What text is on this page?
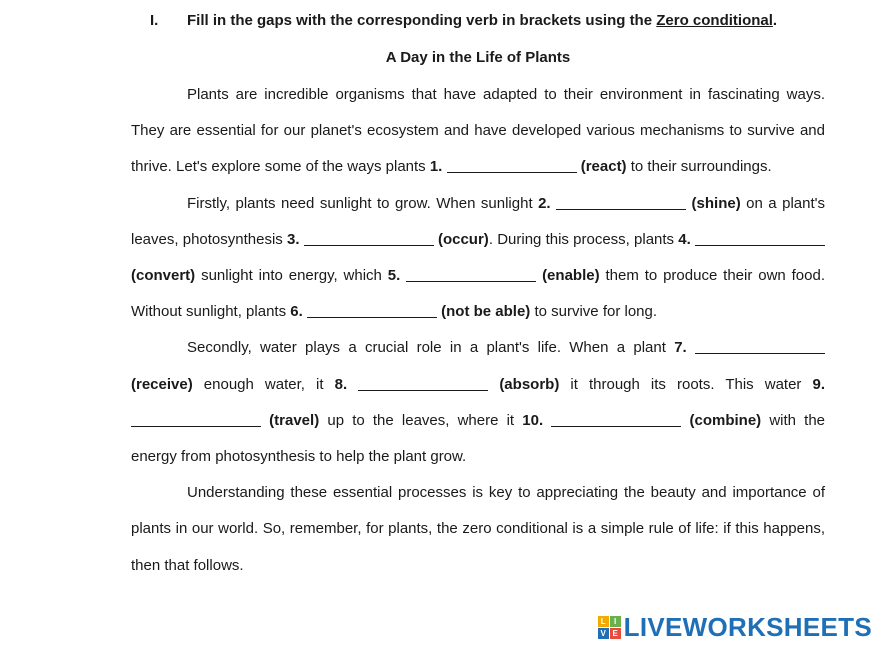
I. Fill in the gaps with the corresponding verb in brackets using the Zero conditional.
A Day in the Life of Plants

Plants are incredible organisms that have adapted to their environment in fascinating ways. They are essential for our planet's ecosystem and have developed various mechanisms to survive and thrive. Let's explore some of the ways plants 1.	(react) to their surroundings.

Firstly, plants need sunlight to grow. When sunlight 2.	(shine) on a plant's leaves, photosynthesis 3.	(occur). During this process, plants 4.  (convert) sunlight into energy, which 5.	(enable) them to produce their own food. Without sunlight, plants 6.	(not be able) to survive for long.

Secondly, water plays a crucial role in a plant's life. When a plant 7.  (receive) enough water, it 8.	(absorb) it through its roots. This water 9.  (travel) up to the leaves, where it 10.	(combine) with the energy from photosynthesis to help the plant grow.

Understanding these essential processes is key to appreciating the beauty and importance of plants in our world. So, remember, for plants, the zero conditional is a simple rule of life: if this happens, then that follows.

L	I
V E LIVEWORKSHEETS
